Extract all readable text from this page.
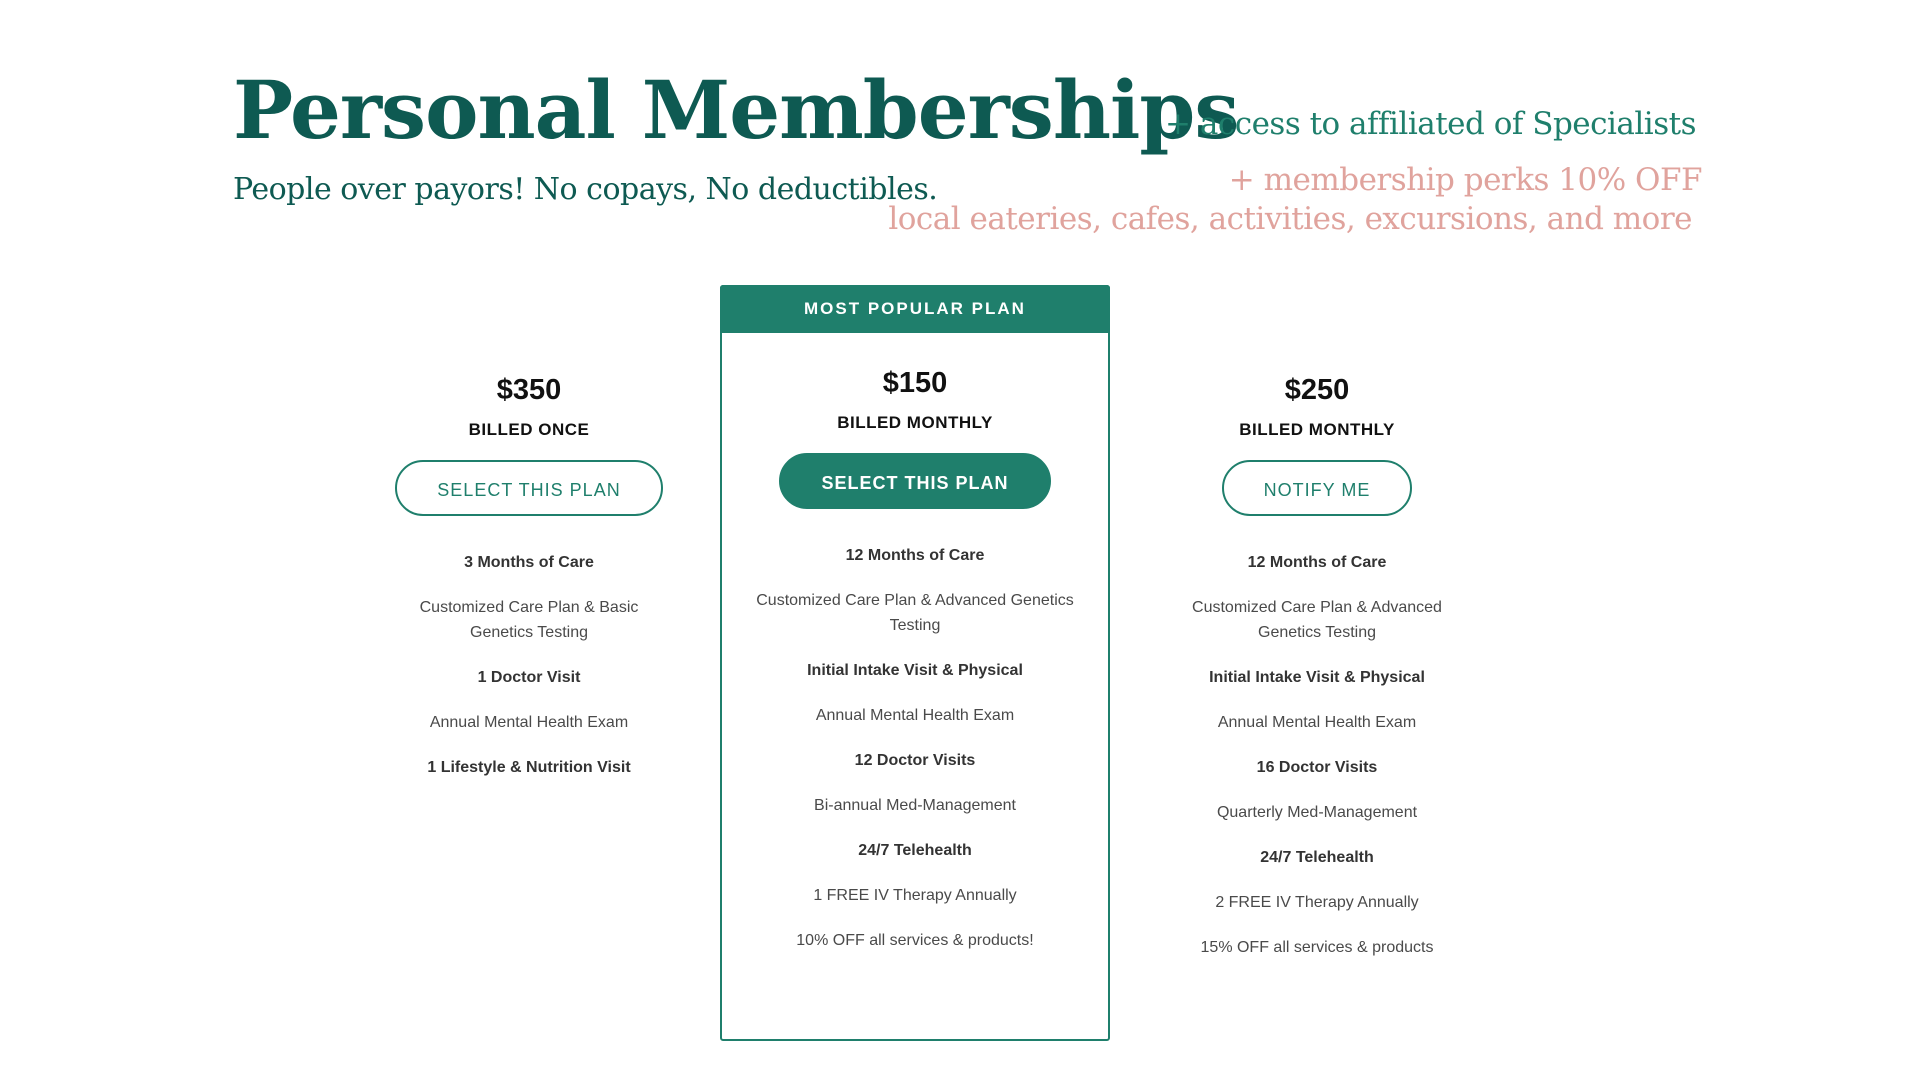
Personal Memberships

People over payors! No copays, No deductibles.

+ access to affiliated of Specialists

+ membership perks 10% OFF

local eateries, cafes, activities, excursions, and more

$350
BILLED ONCE
SELECT THIS PLAN
3 Months of Care
Customized Care Plan & Basic Genetics Testing
1 Doctor Visit
Annual Mental Health Exam
1 Lifestyle & Nutrition Visit
MOST POPULAR PLAN
$150
BILLED MONTHLY
SELECT THIS PLAN
12 Months of Care
Customized Care Plan & Advanced Genetics Testing
Initial Intake Visit & Physical
Annual Mental Health Exam
12 Doctor Visits
Bi-annual Med-Management
24/7 Telehealth
1 FREE IV Therapy Annually
10% OFF all services & products!
$250
BILLED MONTHLY
NOTIFY ME
12 Months of Care
Customized Care Plan & Advanced Genetics Testing
Initial Intake Visit & Physical
Annual Mental Health Exam
16 Doctor Visits
Quarterly Med-Management
24/7 Telehealth
2 FREE IV Therapy Annually
15% OFF all services & products
